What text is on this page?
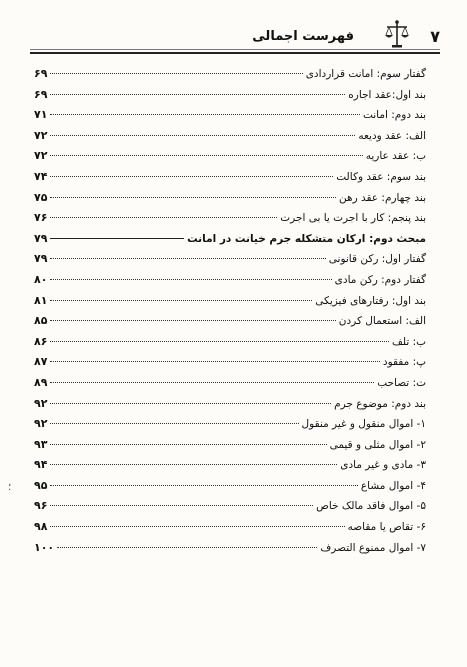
۷
فهرست اجمالی
گفتار سوم: امانت قراردادی
۶۹
بند اول:عقد اجاره
۶۹
بند دوم: امانت
۷۱
الف: عقد ودیعه
۷۲
ب: عقد عاریه
۷۲
بند سوم: عقد وکالت
۷۴
بند چهارم: عقد رهن
۷۵
بند پنجم: کار با اجرت یا بی اجرت
۷۶
مبحث دوم: ارکان متشکله جرم خیانت در امانت
۷۹
گفتار اول: رکن قانونی
۷۹
گفتار دوم: رکن مادی
۸۰
بند اول: رفتارهای فیزیکی
۸۱
الف: استعمال کردن
۸۵
ب: تلف
۸۶
پ: مفقود
۸۷
ت: تصاحب
۸۹
بند دوم: موضوع جرم
۹۲
۱- اموال منقول و غیر منقول
۹۲
۲- اموال مثلی و قیمی
۹۳
۳- مادی و غیر مادی
۹۴
۴- اموال مشاع
۹۵
۵- اموال فاقد مالک خاص
۹۶
۶- تقاص یا مقاصه
۹۸
۷- اموال ممنوع التصرف
۱۰۰
؛
